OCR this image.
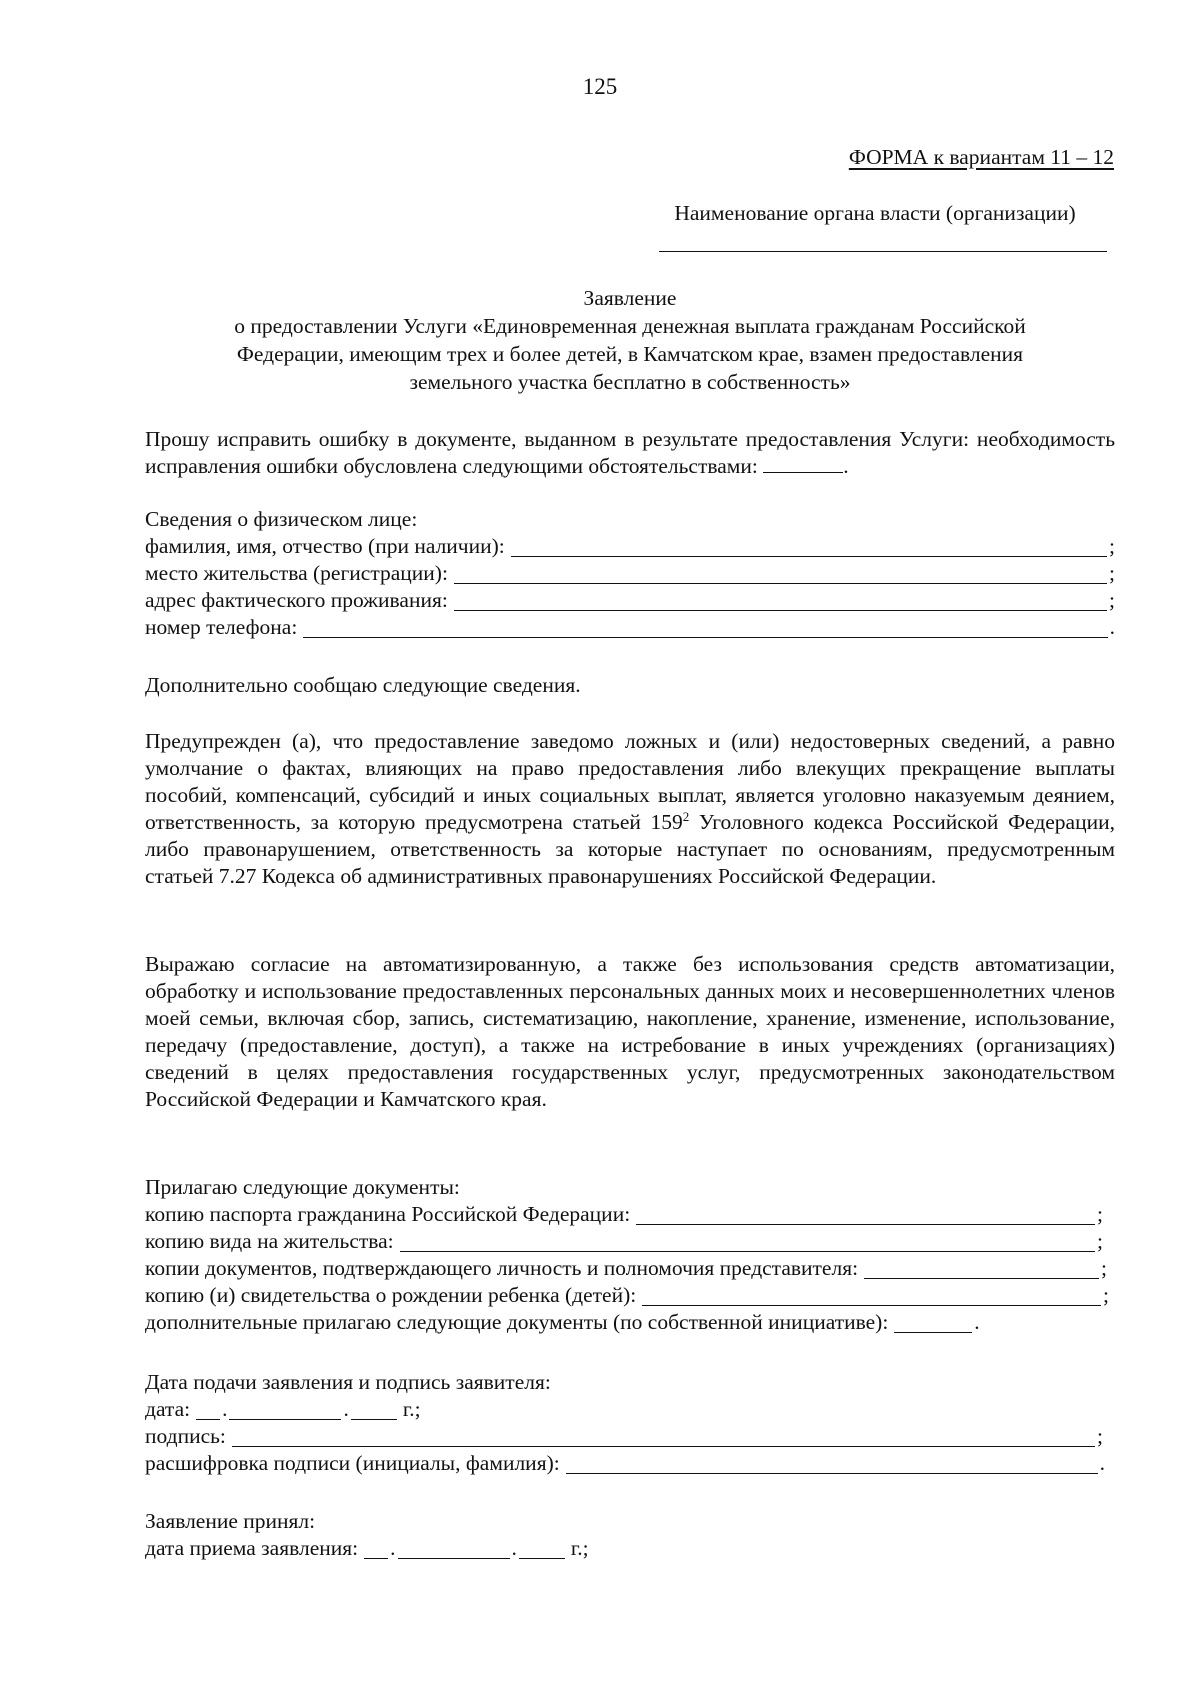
125
ФОРМА к вариантам 11 – 12
Наименование органа власти (организации)
Заявление
о предоставлении Услуги «Единовременная денежная выплата гражданам Российской
Федерации, имеющим трех и более детей, в Камчатском крае, взамен предоставления
земельного участка бесплатно в собственность»
Прошу исправить ошибку в документе, выданном в результате предоставления Услуги: необходимость исправления ошибки обусловлена следующими обстоятельствами:	.
Сведения о физическом лице:
фамилия, имя, отчество (при наличии):	;
место жительства (регистрации):	;
адрес фактического проживания:	;
номер телефона:	.
Дополнительно сообщаю следующие сведения.
Предупрежден (а), что предоставление заведомо ложных и (или) недостоверных сведений, а равно умолчание о фактах, влияющих на право предоставления либо влекущих прекращение выплаты пособий, компенсаций, субсидий и иных социальных выплат, является уголовно наказуемым деянием, ответственность, за которую предусмотрена статьей $159^2$ Уголовного кодекса Российской Федерации, либо правонарушением, ответственность за которые наступает по основаниям, предусмотренным статьей 7.27 Кодекса об административных правонарушениях Российской Федерации.
Выражаю согласие на автоматизированную, а также без использования средств автоматизации, обработку и использование предоставленных персональных данных моих и несовершеннолетних членов моей семьи, включая сбор, запись, систематизацию, накопление, хранение, изменение, использование, передачу (предоставление, доступ), а также на истребование в иных учреждениях (организациях) сведений в целях предоставления государственных услуг, предусмотренных законодательством Российской Федерации и Камчатского края.
Прилагаю следующие документы:
копию паспорта гражданина Российской Федерации:	;
копию вида на жительства:	;
копии документов, подтверждающего личность и полномочия представителя:	;
копию (и) свидетельства о рождении ребенка (детей):	;
дополнительные прилагаю следующие документы (по собственной инициативе):	.
Дата подачи заявления и подпись заявителя:
дата: .	.	г.;
подпись:	;
расшифровка подписи (инициалы, фамилия):	.
Заявление принял:
дата приема заявления: .	.	г.;
